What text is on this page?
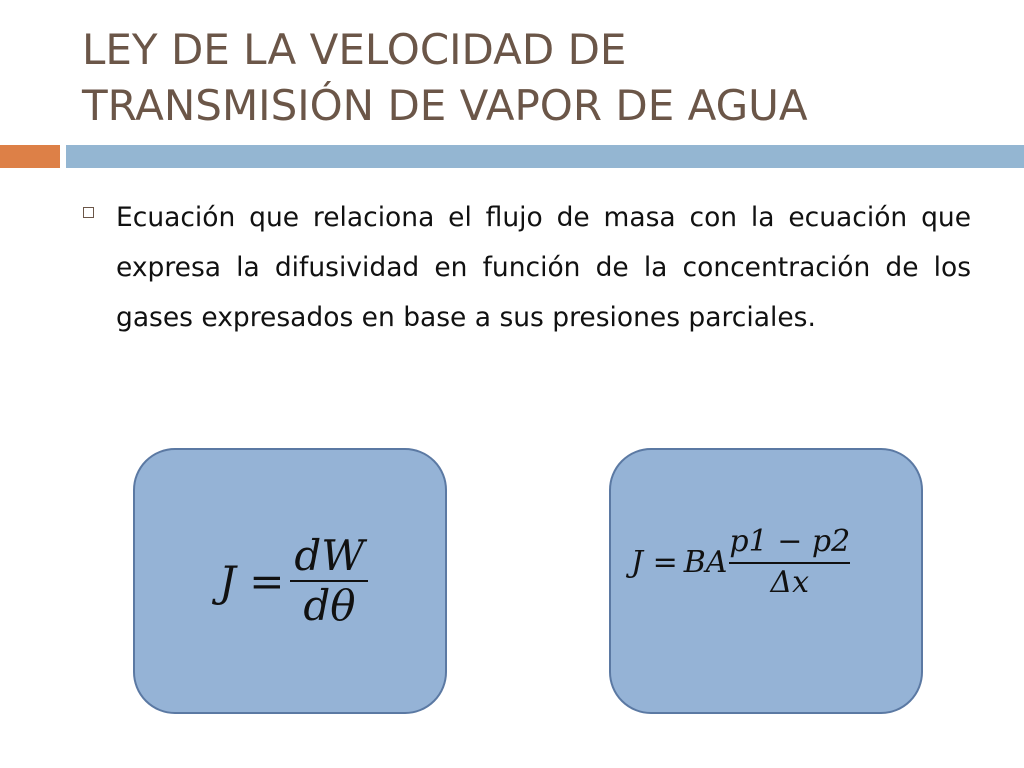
LEY DE LA VELOCIDAD DE
TRANSMISIÓN DE VAPOR DE AGUA

Ecuación que relaciona el flujo de masa con la ecuación que expresa la difusividad en función de la concentración de los gases expresados en base a sus presiones parciales.

$J = \frac{dW}{d\theta}$	J = BA $\frac{p1 - p2}{\Delta x}$
